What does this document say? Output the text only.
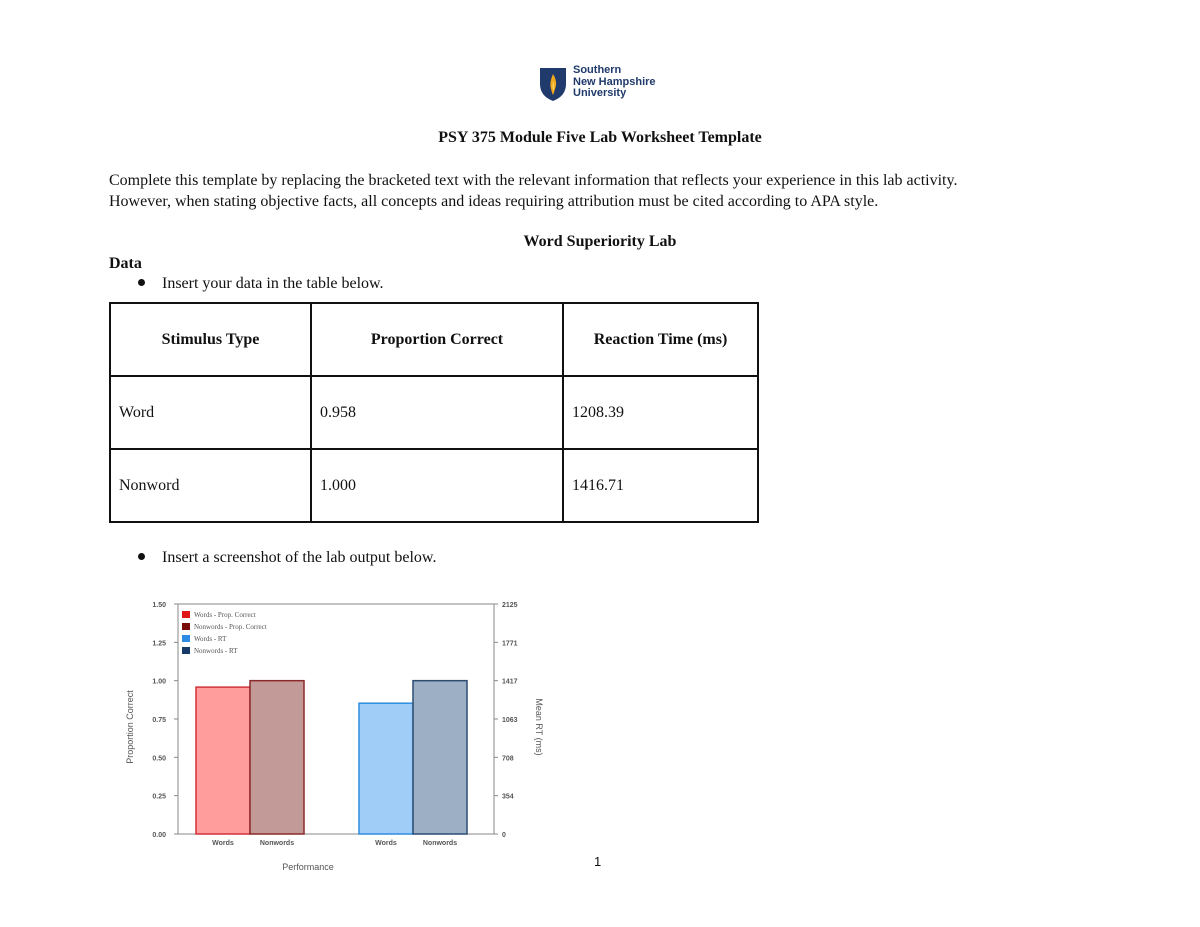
Southern
New Hampshire
University
PSY 375 Module Five Lab Worksheet Template

Complete this template by replacing the bracketed text with the relevant information that reflects your experience in this lab activity.

However, when stating objective facts, all concepts and ideas requiring attribution must be cited according to APA style.

Word Superiority Lab
Data
Insert your data in the table below.
Stimulus Type	Proportion Correct	Reaction Time (ms)
Word	0.958	1208.39
Nonword	1.000	1416.71
Insert a screenshot of the lab output below.
0.00
0.25
0.50
0.75
1.00
1.25
1.50
0
354
708
1063
1417
1771
2125
Words	Nonwords	Words	Nonwords
Performance
Proportion Correct	Mean RT (ms)
Words - Prop. Correct
Nonwords - Prop. Correct
Words - RT
Nonwords - RT
1
